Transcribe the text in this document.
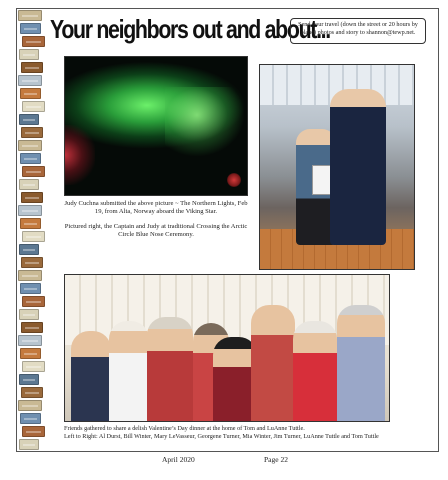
Your neighbors out and about...
Send your travel (down the street or 20 hours by plane) photos and story to shannon@tewp.net.

Judy Cuchna submitted the above picture ~ The Northern Lights, Feb 19, from Alta, Norway aboard the Viking Star.

Pictured right, the Captain and Judy at traditional Crossing the Arctic Circle Blue Nose Ceremony.

Friends gathered to share a delish Valentine’s Day dinner at the home of Tom and LuAnne Tuttle.
Left to Right: Al Durst, Bill Winter, Mary LeVasseur, Georgene Turner, Mia Winter, Jim Turner, LuAnne Tuttle and Tom Tuttle
April 2020	Page 22
